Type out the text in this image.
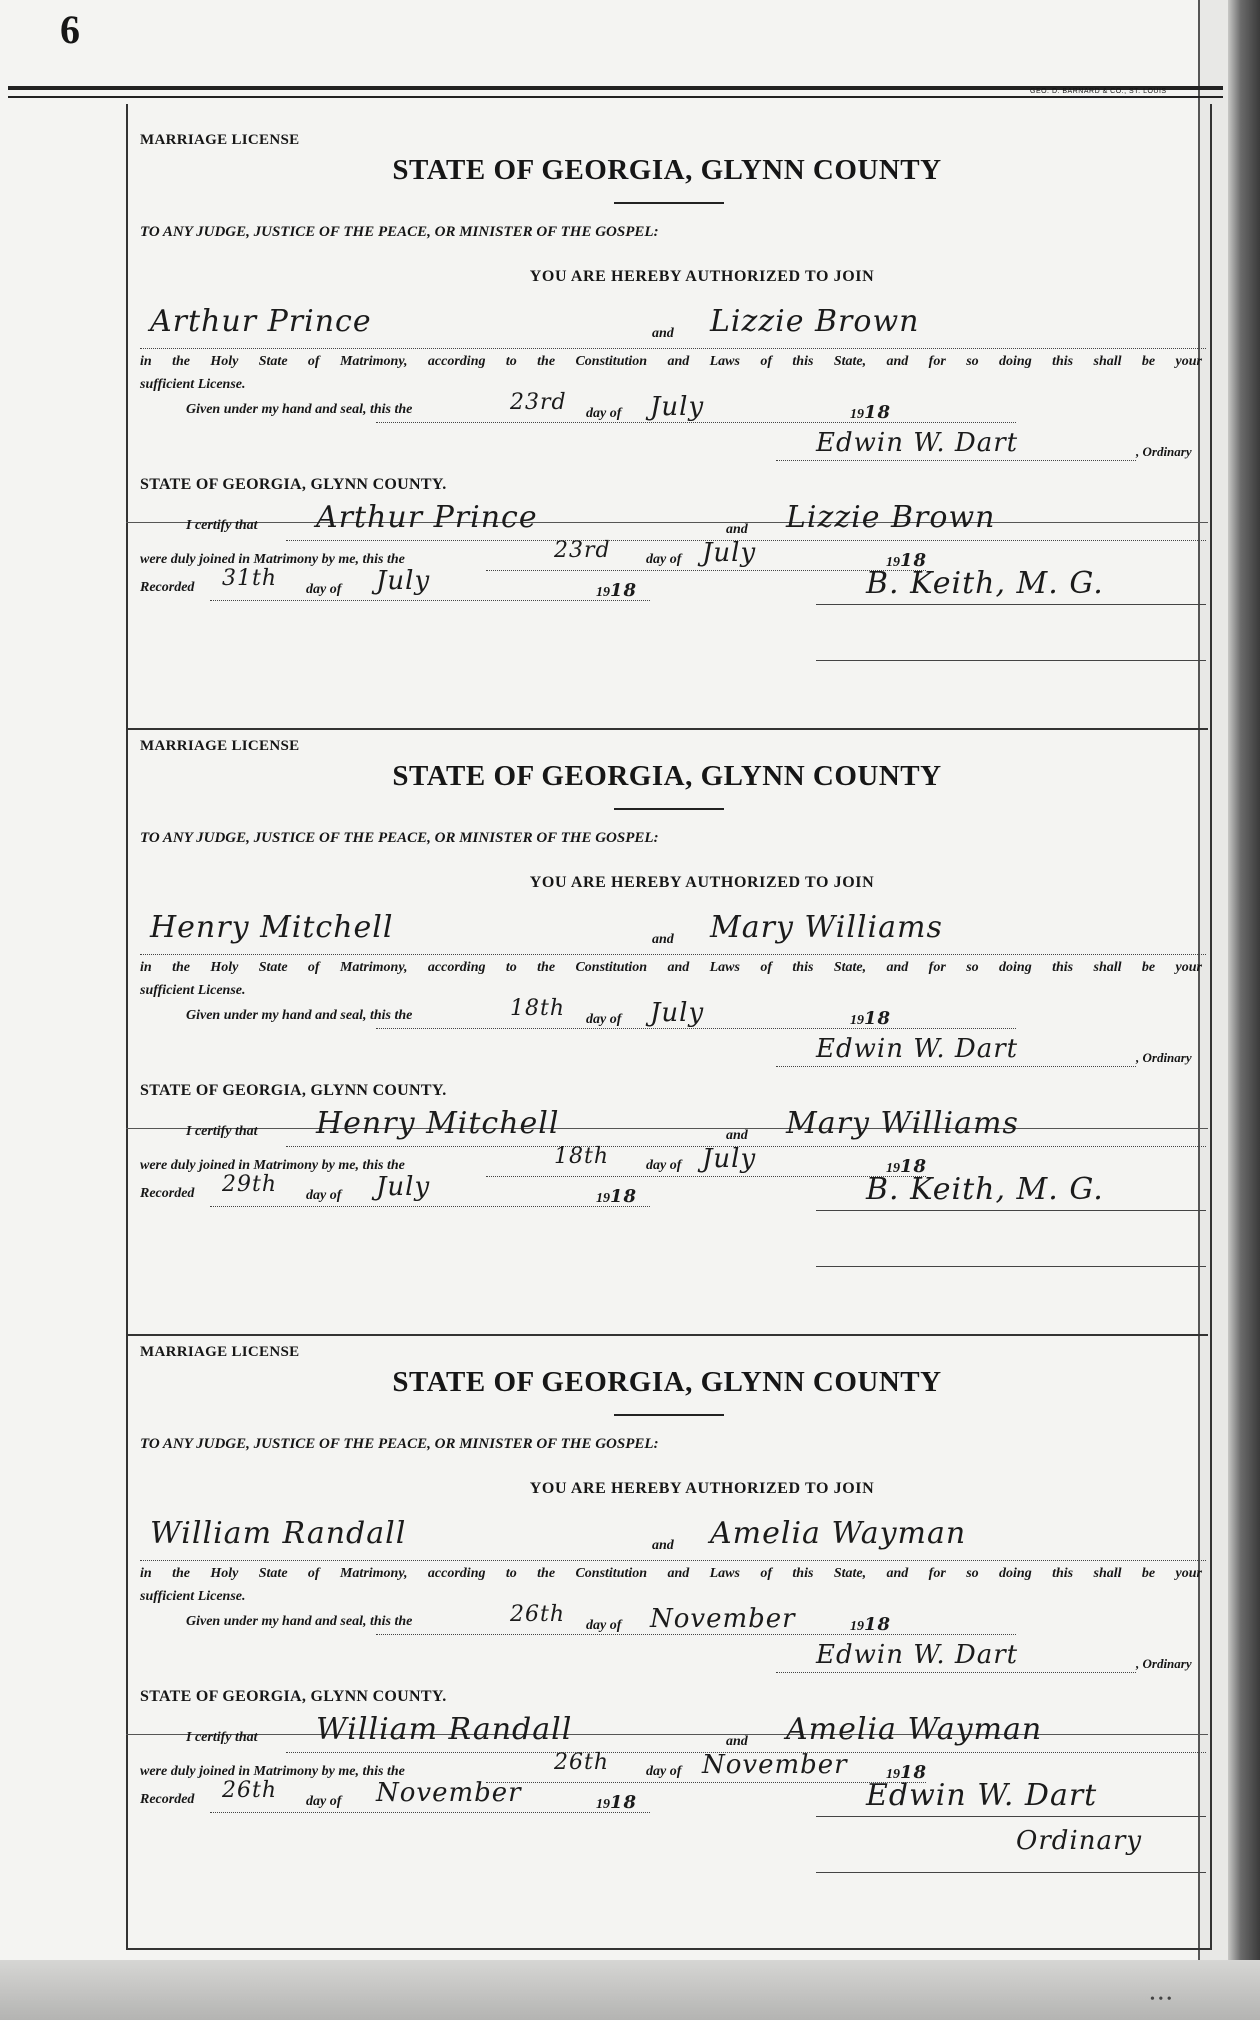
6
GEO. D. BARNARD & CO., ST. LOUIS
MARRIAGE LICENSE
STATE OF GEORGIA, GLYNN COUNTY
TO ANY JUDGE, JUSTICE OF THE PEACE, OR MINISTER OF THE GOSPEL:
YOU ARE HEREBY AUTHORIZED TO JOIN
Arthur Prince	and Lizzie Brown
in the Holy State of Matrimony, according to the Constitution and Laws of this State, and for so doing this shall be your
sufficient License.
Given under my hand and seal, this the	23rd day of July	1918
Edwin W. Dart	, Ordinary
STATE OF GEORGIA, GLYNN COUNTY.
I certify that Arthur Prince	and Lizzie Brown
were duly joined in Matrimony by me, this the	23rd	day of July	1918
Recorded 31th day of July	1918	B. Keith, M. G.
MARRIAGE LICENSE
STATE OF GEORGIA, GLYNN COUNTY
TO ANY JUDGE, JUSTICE OF THE PEACE, OR MINISTER OF THE GOSPEL:
YOU ARE HEREBY AUTHORIZED TO JOIN
Henry Mitchell	and Mary Williams
in the Holy State of Matrimony, according to the Constitution and Laws of this State, and for so doing this shall be your
sufficient License.
Given under my hand and seal, this the	18th day of July	1918
Edwin W. Dart	, Ordinary
STATE OF GEORGIA, GLYNN COUNTY.
I certify that Henry Mitchell	and Mary Williams
were duly joined in Matrimony by me, this the	18th	day of July	1918
Recorded 29th day of July	1918	B. Keith, M. G.
MARRIAGE LICENSE
STATE OF GEORGIA, GLYNN COUNTY
TO ANY JUDGE, JUSTICE OF THE PEACE, OR MINISTER OF THE GOSPEL:
YOU ARE HEREBY AUTHORIZED TO JOIN
William Randall	and Amelia Wayman
in the Holy State of Matrimony, according to the Constitution and Laws of this State, and for so doing this shall be your
sufficient License.
Given under my hand and seal, this the	26th day of November	1918
Edwin W. Dart	, Ordinary
STATE OF GEORGIA, GLYNN COUNTY.
I certify that William Randall	and Amelia Wayman
were duly joined in Matrimony by me, this the	26th	day of November	1918
Recorded 26th day of November	1918	Edwin W. Dart
Ordinary
• • •
